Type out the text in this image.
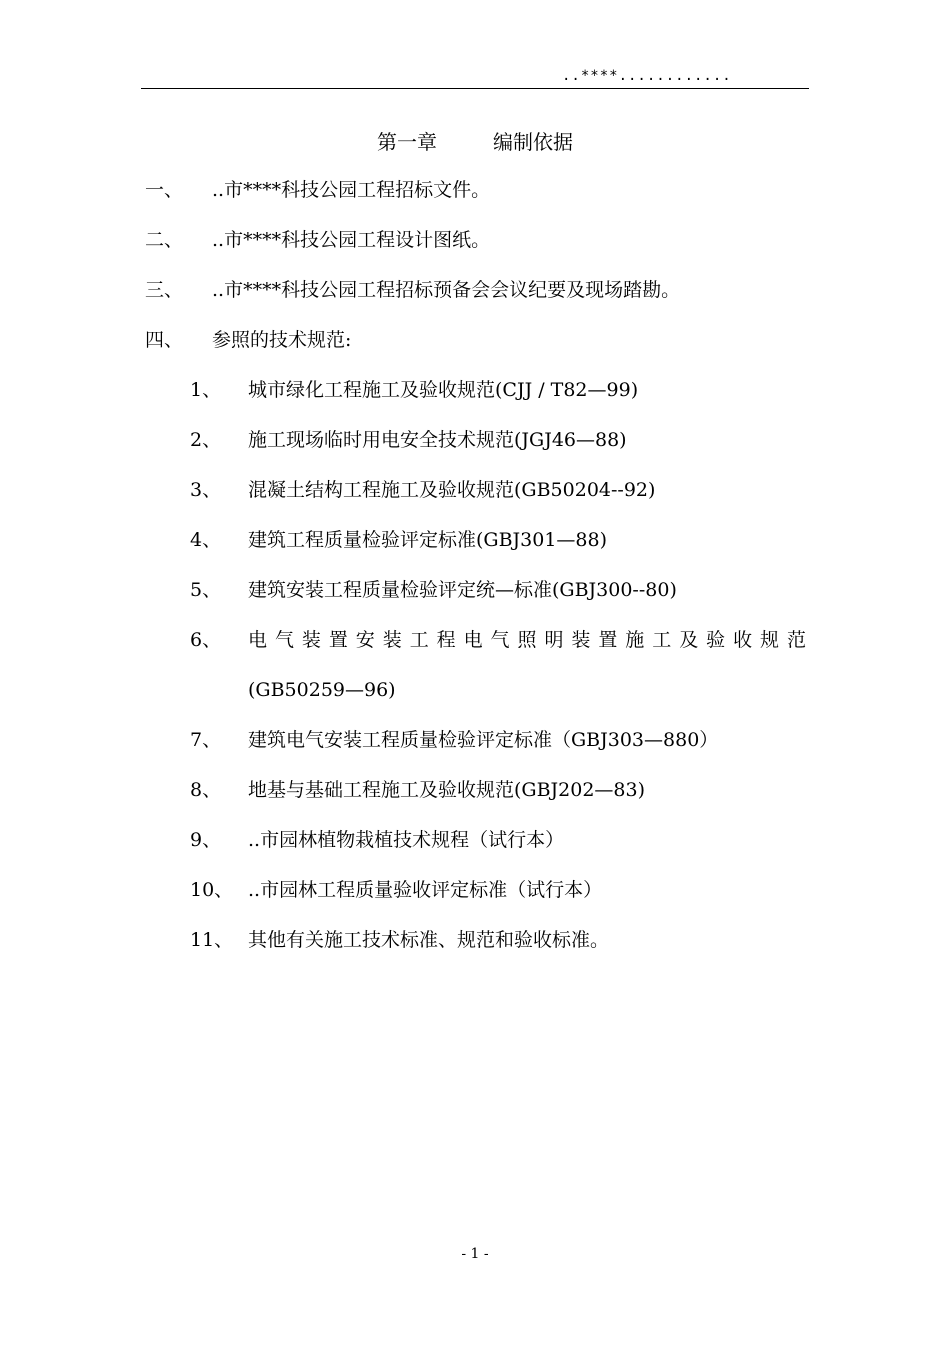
..****............
第一章	编制依据
一、 ..市****科技公园工程招标文件。
二、 ..市****科技公园工程设计图纸。
三、 ..市****科技公园工程招标预备会会议纪要及现场踏勘。
四、 参照的技术规范:
1、 城市绿化工程施工及验收规范(CJJ / T82—99)
2、 施工现场临时用电安全技术规范(JGJ46—88)
3、 混凝土结构工程施工及验收规范(GB50204--92)
4、 建筑工程质量检验评定标准(GBJ301—88)
5、 建筑安装工程质量检验评定统—标准(GBJ300--80)
6、 电气装置安装工程电气照明装置施工及验收规范
(GB50259—96)
7、 建筑电气安装工程质量检验评定标准（GBJ303—880）
8、 地基与基础工程施工及验收规范(GBJ202—83)
9、 ..市园林植物栽植技术规程（试行本）
10、 ..市园林工程质量验收评定标准（试行本）
11、 其他有关施工技术标准、规范和验收标准。
- 1 -
